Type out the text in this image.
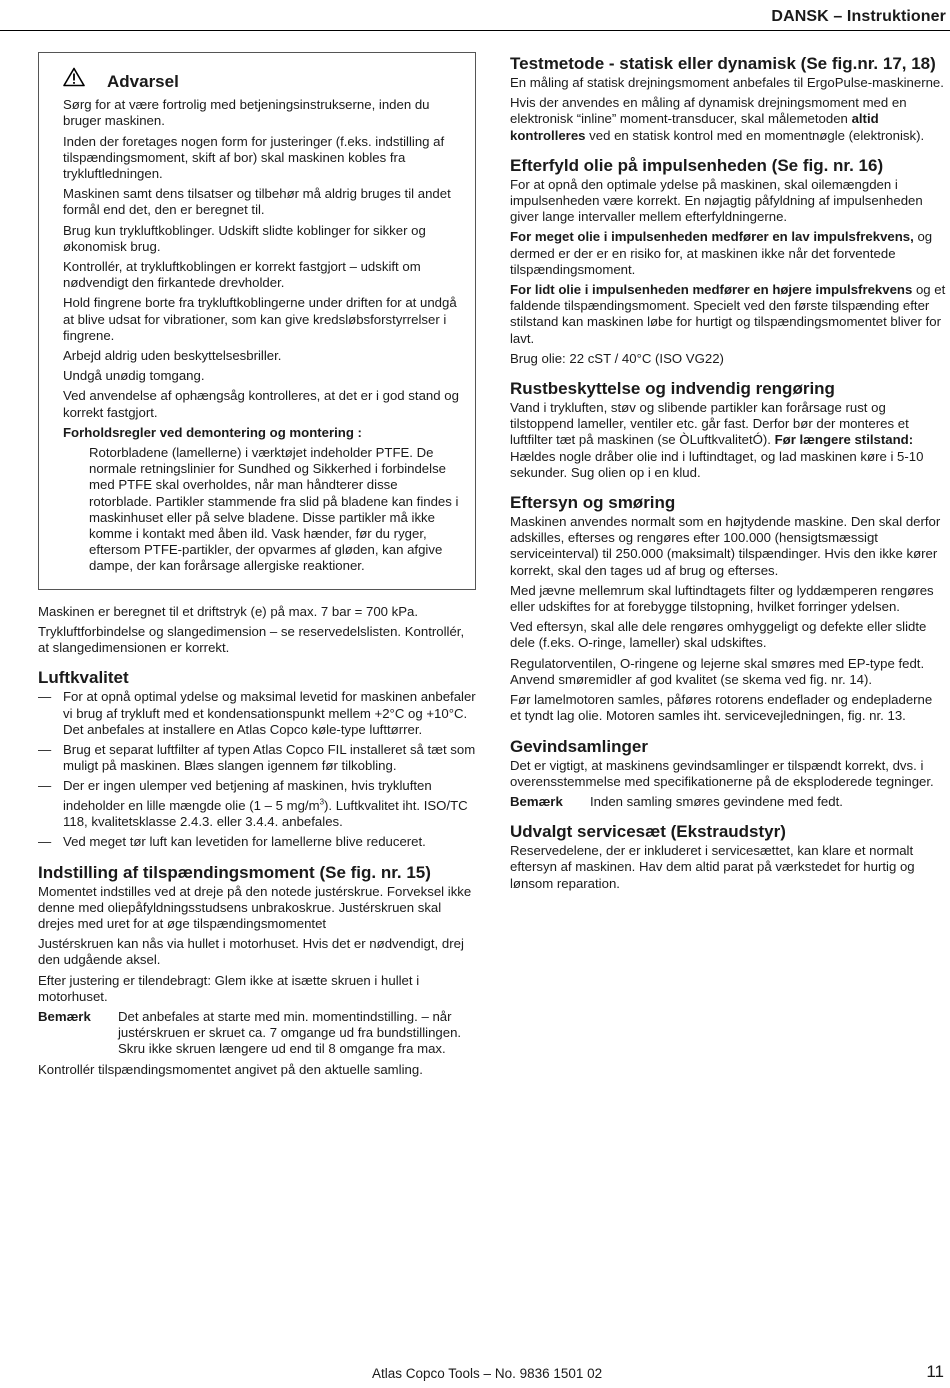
DANSK – Instruktioner
Advarsel

Sørg for at være fortrolig med betjeningsinstrukserne, inden du bruger maskinen.

Inden der foretages nogen form for justeringer (f.eks. indstilling af tilspændingsmoment, skift af bor) skal maskinen kobles fra trykluftledningen.

Maskinen samt dens tilsatser og tilbehør må aldrig bruges til andet formål end det, den er beregnet til.

Brug kun trykluftkoblinger. Udskift slidte koblinger for sikker og økonomisk brug.

Kontrollér, at trykluftkoblingen er korrekt fastgjort – udskift om nødvendigt den firkantede drevholder.

Hold fingrene borte fra trykluftkoblingerne under driften for at undgå at blive udsat for vibrationer, som kan give kredsløbsforstyrrelser i fingrene.

Arbejd aldrig uden beskyttelsesbriller.

Undgå unødig tomgang.

Ved anvendelse af ophængsåg kontrolleres, at det er i god stand og korrekt fastgjort.

Forholdsregler ved demontering og montering :

Rotorbladene (lamellerne) i værktøjet indeholder PTFE. De normale retningslinier for Sundhed og Sikkerhed i forbindelse med PTFE skal overholdes, når man håndterer disse rotorblade. Partikler stammende fra slid på bladene kan findes i maskinhuset eller på selve bladene. Disse partikler må ikke komme i kontakt med åben ild. Vask hænder, før du ryger, eftersom PTFE-partikler, der opvarmes af gløden, kan afgive dampe, der kan forårsage allergiske reaktioner.

Maskinen er beregnet til et driftstryk (e) på max. 7 bar = 700 kPa.

Trykluftforbindelse og slangedimension – se reservedelslisten. Kontrollér, at slangedimensionen er korrekt.

Luftkvalitet
— For at opnå optimal ydelse og maksimal levetid for maskinen anbefaler vi brug af trykluft med et kondensationspunkt mellem +2°C og +10°C. Det anbefales at installere en Atlas Copco køle-type lufttørrer.
— Brug et separat luftfilter af typen Atlas Copco FIL installeret så tæt som muligt på maskinen. Blæs slangen igennem før tilkobling.
— Der er ingen ulemper ved betjening af maskinen, hvis trykluften indeholder en lille mængde olie (1 – 5 $mg/m^3$). Luftkvalitet iht. ISO/TC 118, kvalitetsklasse 2.4.3. eller 3.4.4. anbefales.
— Ved meget tør luft kan levetiden for lamellerne blive reduceret.
Indstilling af tilspændingsmoment (Se fig. nr. 15)

Momentet indstilles ved at dreje på den notede justérskrue. Forveksel ikke denne med oliepåfyldningsstudsens unbrakoskrue. Justérskruen skal drejes med uret for at øge tilspændingsmomentet

Justérskruen kan nås via hullet i motorhuset. Hvis det er nødvendigt, drej den udgående aksel.

Efter justering er tilendebragt: Glem ikke at isætte skruen i hullet i motorhuset.

Bemærk	Det anbefales at starte med min. momentindstilling. – når justérskruen er skruet ca. 7 omgange ud fra bundstillingen. Skru ikke skruen længere ud end til 8 omgange fra max.

Kontrollér tilspændingsmomentet angivet på den aktuelle samling.

Testmetode - statisk eller dynamisk (Se fig.nr. 17, 18)

En måling af statisk drejningsmoment anbefales til ErgoPulse-maskinerne.

Hvis der anvendes en måling af dynamisk drejningsmoment med en elektronisk “inline” moment-transducer, skal målemetoden altid kontrolleres ved en statisk kontrol med en momentnøgle (elektronisk).

Efterfyld olie på impulsenheden (Se fig. nr. 16)

For at opnå den optimale ydelse på maskinen, skal oilemængden i impulsenheden være korrekt. En nøjagtig påfyldning af impulsenheden giver lange intervaller mellem efterfyldningerne.

For meget olie i impulsenheden medfører en lav impulsfrekvens, og dermed er der er en risiko for, at maskinen ikke når det forventede tilspændingsmoment.

For lidt olie i impulsenheden medfører en højere impulsfrekvens og et faldende tilspændingsmoment. Specielt ved den første tilspænding efter stilstand kan maskinen løbe for hurtigt og tilspændingsmomentet bliver for lavt.

Brug olie: 22 cST / 40°C (ISO VG22)

Rustbeskyttelse og indvendig rengøring

Vand i trykluften, støv og slibende partikler kan forårsage rust og tilstoppend lameller, ventiler etc. går fast. Derfor bør der monteres et luftfilter tæt på maskinen (se ÒLuftkvalitetÓ). Før længere stilstand: Hældes nogle dråber olie ind i luftindtaget, og lad maskinen køre i 5-10 sekunder. Sug olien op i en klud.

Eftersyn og smøring

Maskinen anvendes normalt som en højtydende maskine. Den skal derfor adskilles, efterses og rengøres efter 100.000 (hensigtsmæssigt serviceinterval) til 250.000 (maksimalt) tilspændinger. Hvis den ikke kører korrekt, skal den tages ud af brug og efterses.

Med jævne mellemrum skal luftindtagets filter og lyddæmperen rengøres eller udskiftes for at forebygge tilstopning, hvilket forringer ydelsen.

Ved eftersyn, skal alle dele rengøres omhyggeligt og defekte eller slidte dele (f.eks. O-ringe, lameller) skal udskiftes.

Regulatorventilen, O-ringene og lejerne skal smøres med EP-type fedt. Anvend smøremidler af god kvalitet (se skema ved fig. nr. 14).

Før lamelmotoren samles, påføres rotorens endeflader og endepladerne et tyndt lag olie. Motoren samles iht. servicevejledningen, fig. nr. 13.

Gevindsamlinger

Det er vigtigt, at maskinens gevindsamlinger er tilspændt korrekt, dvs. i overensstemmelse med specifikationerne på de eksploderede tegninger.

Bemærk	Inden samling smøres gevindene med fedt.
Udvalgt servicesæt (Ekstraudstyr)

Reservedelene, der er inkluderet i servicesættet, kan klare et normalt eftersyn af maskinen. Hav dem altid parat på værkstedet for hurtig og lønsom reparation.

Atlas Copco Tools – No. 9836 1501 02	11
